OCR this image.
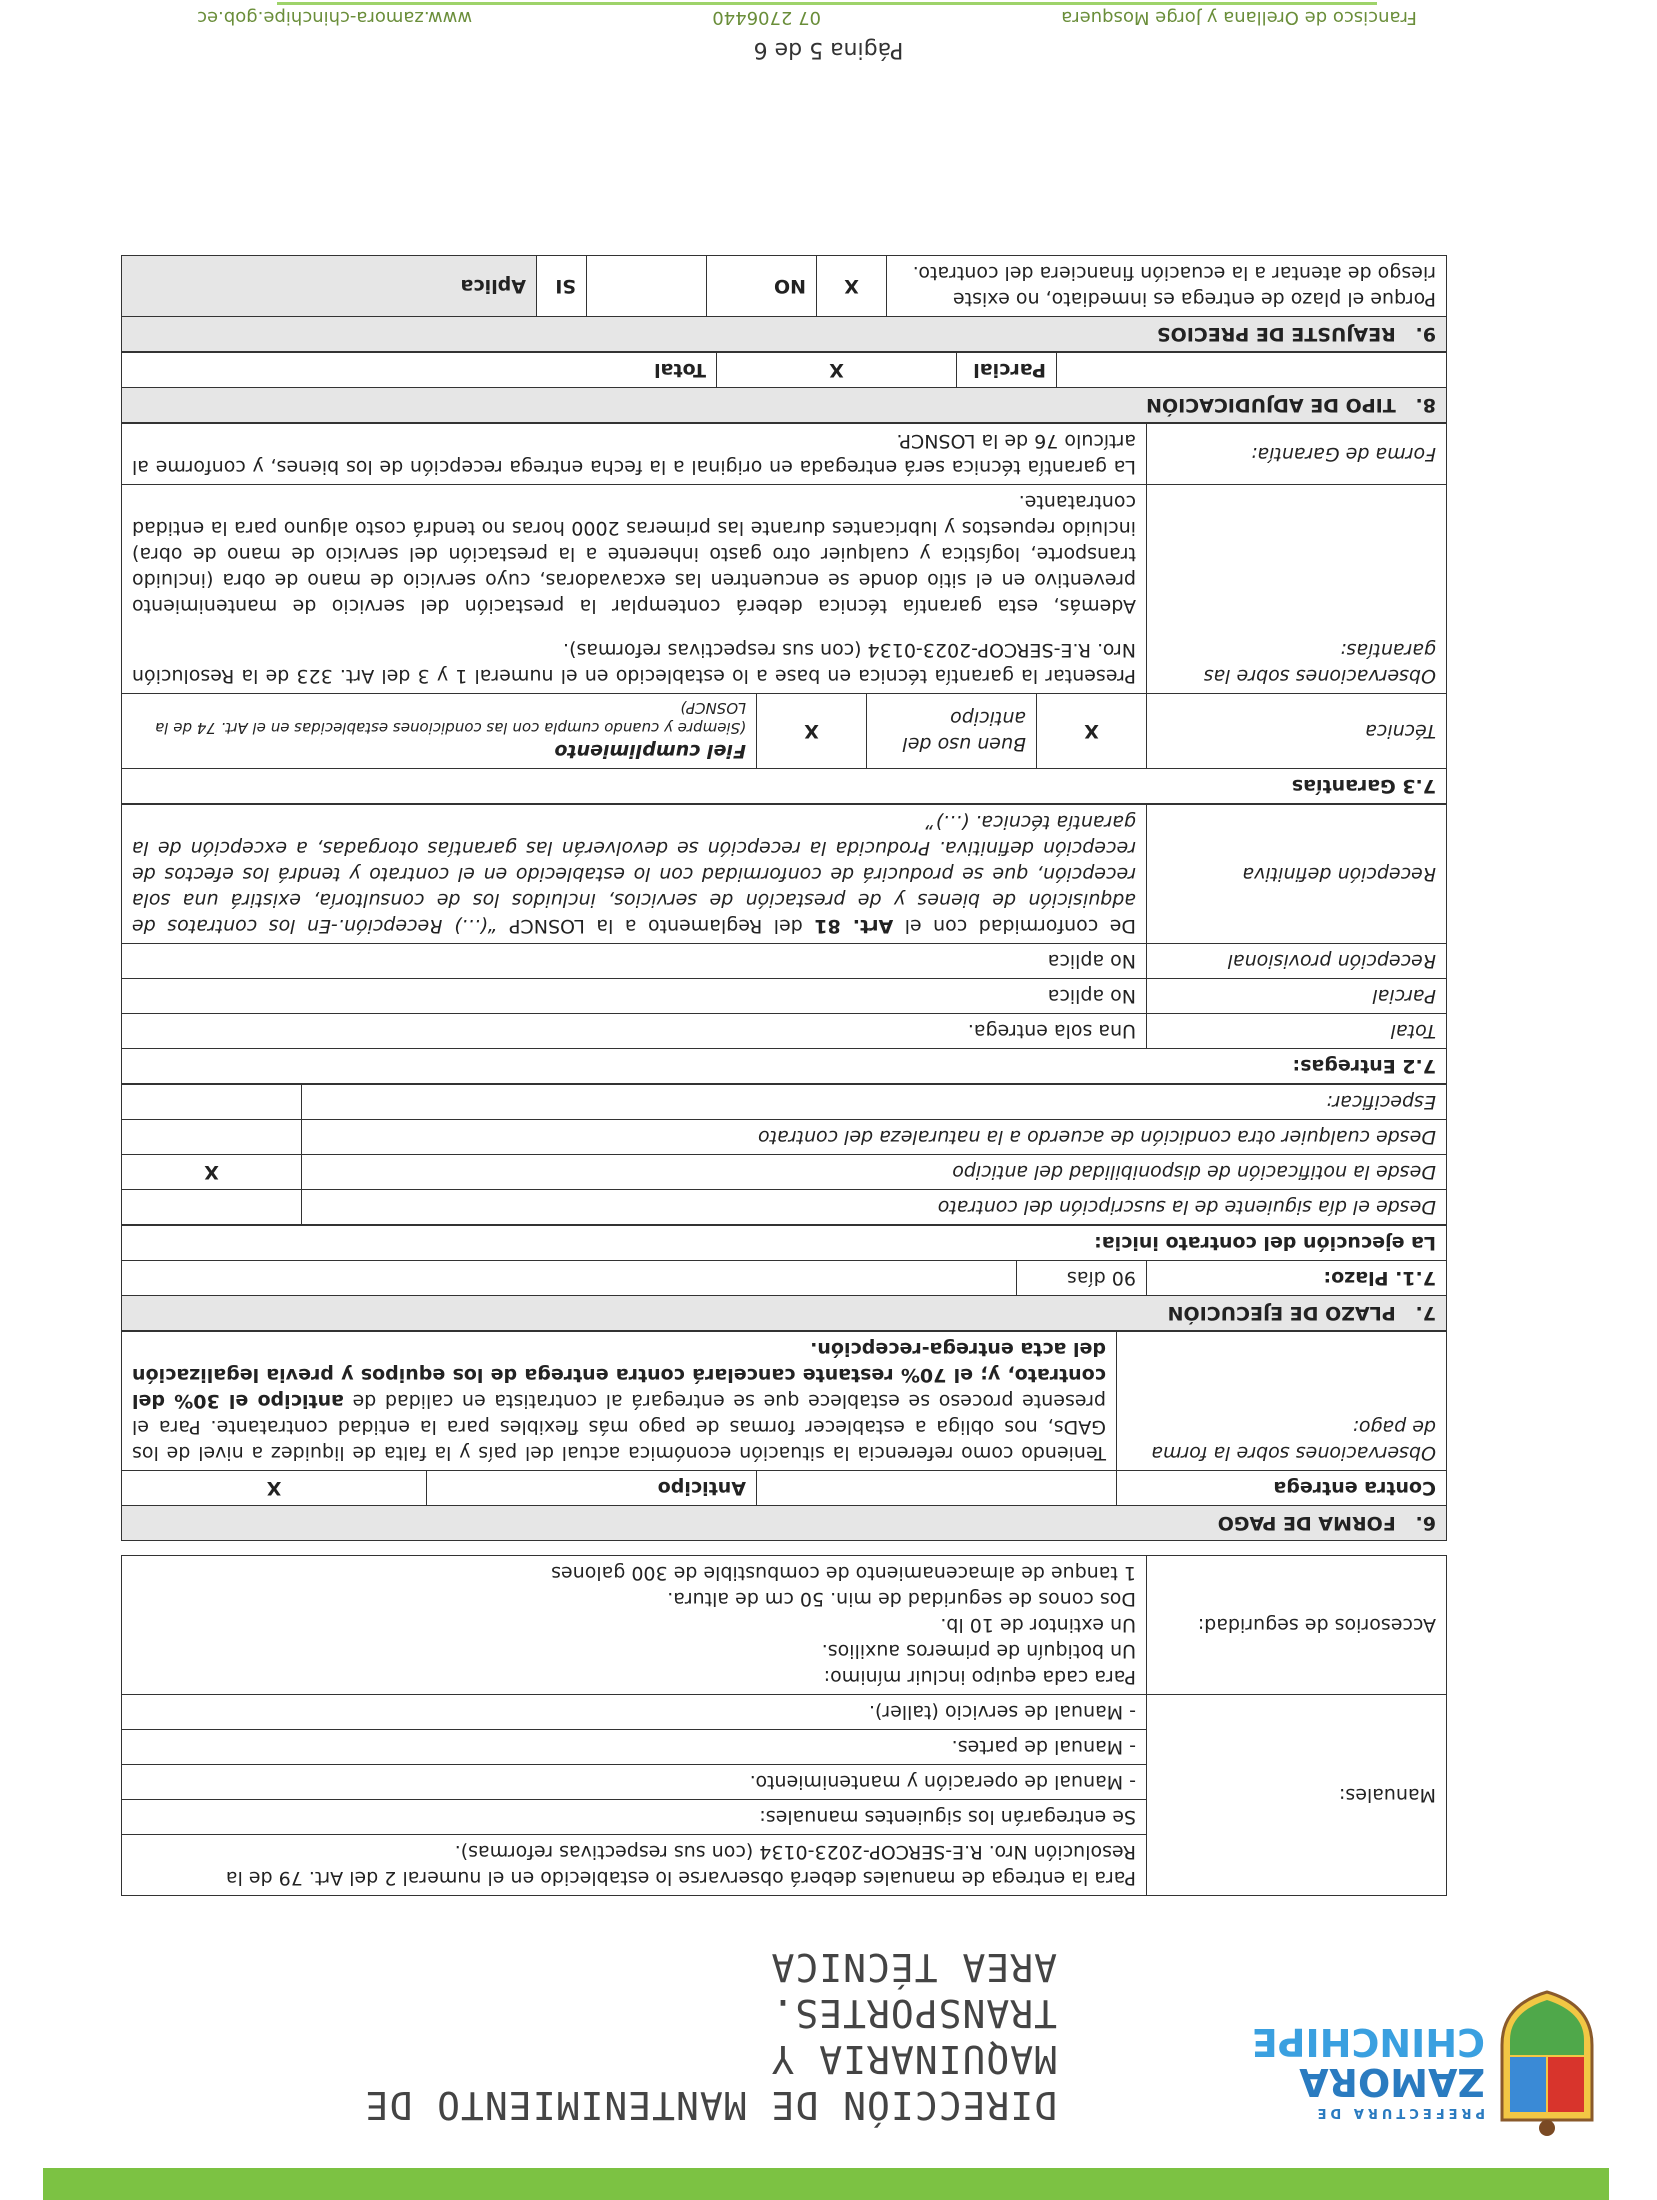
PREFECTURA DE
ZAMORA
CHINCHIPE
DIRECCIÓN DE MANTENIMIENTO DE MAQUINARIA Y
TRANSPORTES.
AREA TÉCNICA
Manuales:	Para la entrega de manuales deberá observarse lo establecido en el numeral 2 del Art. 79 de la Resolución Nro. R.E-SERCOP-2023-0134 (con sus respectivas reformas).
	Se entregarán los siguientes manuales:
	- Manual de operación y mantenimiento.
	- Manual de partes.
	- Manual de servicio (taller).
Accesorios de seguridad:	Para cada equipo incluir mínimo:
Un botiquín de primeros auxilios.
Un extintor de 10 lb.
Dos conos de seguridad de min. 50 cm de altura.
1 tanque de almacenamiento de combustible de 300 galones
6.   FORMA DE PAGO			
Contra entrega		Anticipo	X
Observaciones sobre la forma de pago:	Teniendo como referencia la situación económica actual del país y la falta de liquidez a nivel de los GADs, nos obliga a establecer formas de pago más flexibles para la entidad contratante. Para el presente proceso se establece que se entregará al contratista en calidad de anticipo el 30% del contrato, y; el 70% restante cancelará contra entrega de los equipos y previa legalización del acta entrega-recepción.		
7.   PLAZO DE EJECUCIÓN
7.1. Plazo:	90 días	
La ejecución del contrato inicia:
Desde el día siguiente de la suscripción del contrato	
Desde la notificación de disponibilidad del anticipo	X
Desde cualquier otra condición de acuerdo a la naturaleza del contrato	
Especificar:	
7.2 Entregas:	
Total	Una sola entrega.
Parcial	No aplica
Recepción provisional	No aplica
Recepción definitiva	De conformidad con el Art. 81 del Reglamento a la LOSNCP “(…) Recepción.-En los contratos de adquisición de bienes y de prestación de servicios, incluidos los de consultoría, existirá una sola recepción, que se producirá de conformidad con lo establecido en el contrato y tendrá los efectos de recepción definitiva. Producida la recepción se devolverán las garantías otorgadas, a excepción de la garantía técnica. (…)”
7.3 Garantías				
Técnica	X	Buen uso del anticipo	X	Fiel cumplimiento
(Siempre y cuando cumpla con las condiciones establecidas en el Art. 74 de la LOSNCP)

Observaciones sobre las garantías:	Presentar la garantía técnica en base a lo establecido en el numeral 1 y 3 del Art. 323 de la Resolución Nro. R.E-SERCOP-2023-0134 (con sus respectivas reformas).
Además, esta garantía técnica deberá contemplar la prestación del servicio de mantenimiento preventivo en el sitio donde se encuentren las excavadoras, cuyo servicio de mano de obra (incluido transporte, logística y cualquier otro gasto inherente a la prestación del servicio de mano de obra) incluido repuestos y lubricantes durante las primeras 2000 horas no tendrá costo alguno para la entidad contratante.			

Forma de Garantía:	La garantía técnica será entregada en original a la fecha entrega recepción de los bienes, y conforme al artículo 76 de la LOSNCP.			
8.   TIPO DE ADJUDICACIÓN
	Parcial	X	Total
9.   REAJUSTE DE PRECIOS
Porque el plazo de entrega es inmediato, no existe riesgo de atentar a la ecuación financiera del contrato.	X	NO		SI	Aplica
Página 5 de 6
Francisco de Orellana y Jorge Mosquera
07 2706440
www.zamora-chinchipe.gob.ec
